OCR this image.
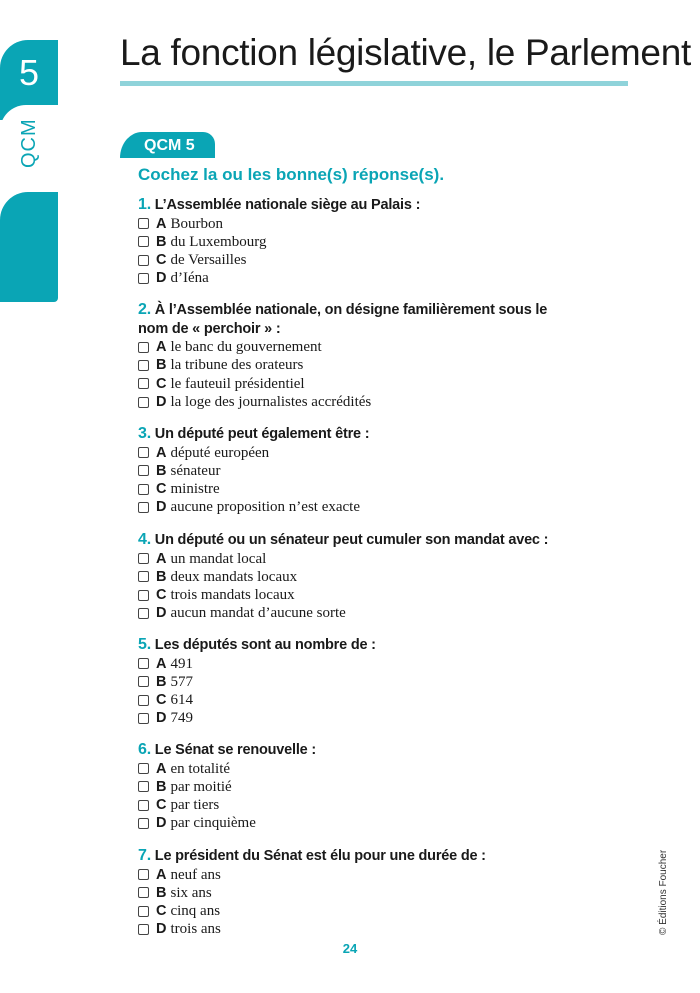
5
QCM
La fonction législative, le Parlement
QCM 5
Cochez la ou les bonne(s) réponse(s).
1. L’Assemblée nationale siège au Palais :
A Bourbon
B du Luxembourg
C de Versailles
D d’Iéna
2. À l’Assemblée nationale, on désigne familièrement sous le nom de « perchoir » :
A le banc du gouvernement
B la tribune des orateurs
C le fauteuil présidentiel
D la loge des journalistes accrédités
3. Un député peut également être :
A député européen
B sénateur
C ministre
D aucune proposition n’est exacte
4. Un député ou un sénateur peut cumuler son mandat avec :
A un mandat local
B deux mandats locaux
C trois mandats locaux
D aucun mandat d’aucune sorte
5. Les députés sont au nombre de :
A 491
B 577
C 614
D 749
6. Le Sénat se renouvelle :
A en totalité
B par moitié
C par tiers
D par cinquième
7. Le président du Sénat est élu pour une durée de :
A neuf ans
B six ans
C cinq ans
D trois ans
24
© Éditions Foucher
